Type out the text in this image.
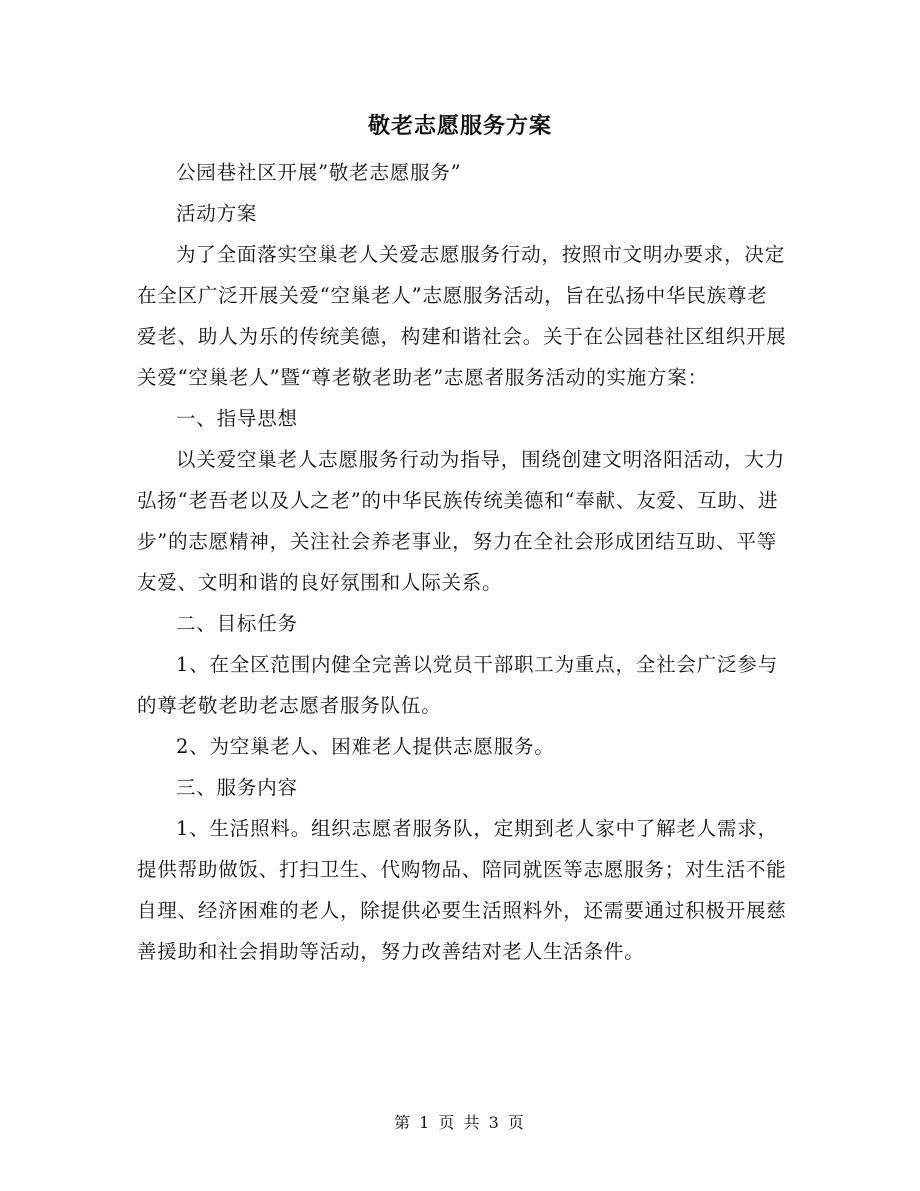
敬老志愿服务方案

公园巷社区开展”敬老志愿服务”

活动方案

为了全面落实空巢老人关爱志愿服务行动，按照市文明办要求，决定在全区广泛开展关爱“空巢老人”志愿服务活动，旨在弘扬中华民族尊老爱老、助人为乐的传统美德，构建和谐社会。关于在公园巷社区组织开展关爱“空巢老人”暨“尊老敬老助老”志愿者服务活动的实施方案：

一、指导思想

以关爱空巢老人志愿服务行动为指导，围绕创建文明洛阳活动，大力弘扬“老吾老以及人之老”的中华民族传统美德和“奉献、友爱、互助、进步”的志愿精神，关注社会养老事业，努力在全社会形成团结互助、平等友爱、文明和谐的良好氛围和人际关系。

二、目标任务

1、在全区范围内健全完善以党员干部职工为重点，全社会广泛参与的尊老敬老助老志愿者服务队伍。

2、为空巢老人、困难老人提供志愿服务。

三、服务内容

1、生活照料。组织志愿者服务队，定期到老人家中了解老人需求，提供帮助做饭、打扫卫生、代购物品、陪同就医等志愿服务；对生活不能自理、经济困难的老人，除提供必要生活照料外，还需要通过积极开展慈善援助和社会捐助等活动，努力改善结对老人生活条件。

第 1 页 共 3 页
